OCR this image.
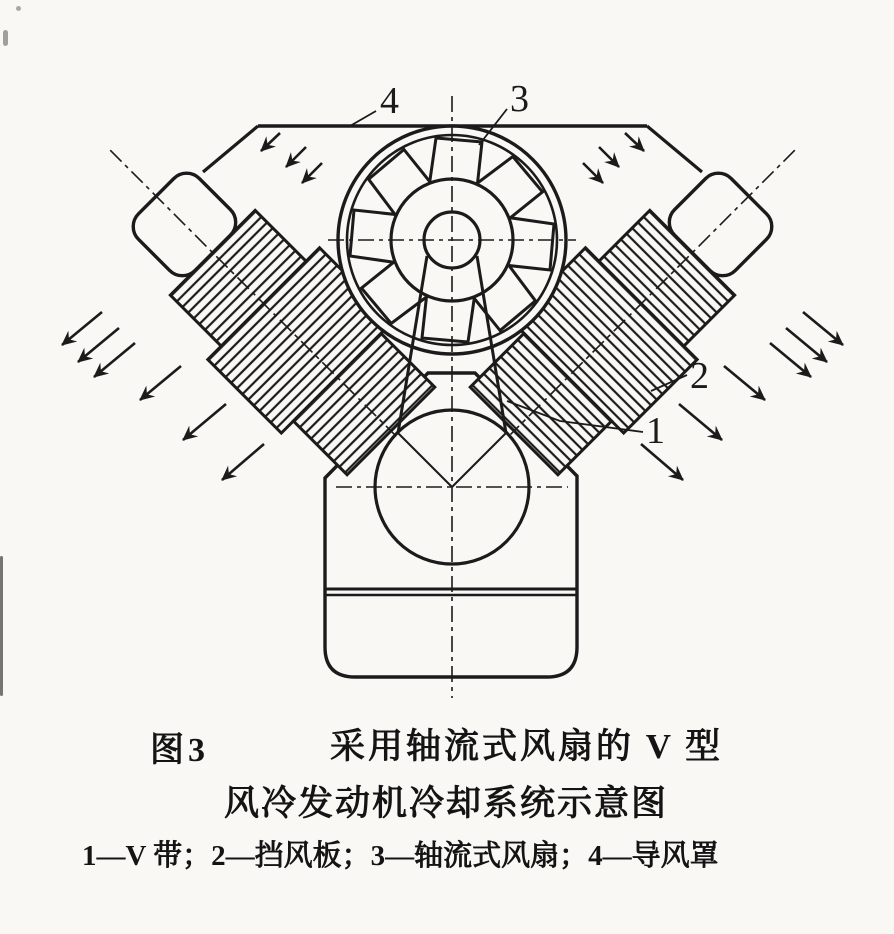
4	3
2
1
图3	采用轴流式风扇的 V 型
风冷发动机冷却系统示意图
1—V 带；2—挡风板；3—轴流式风扇；4—导风罩
